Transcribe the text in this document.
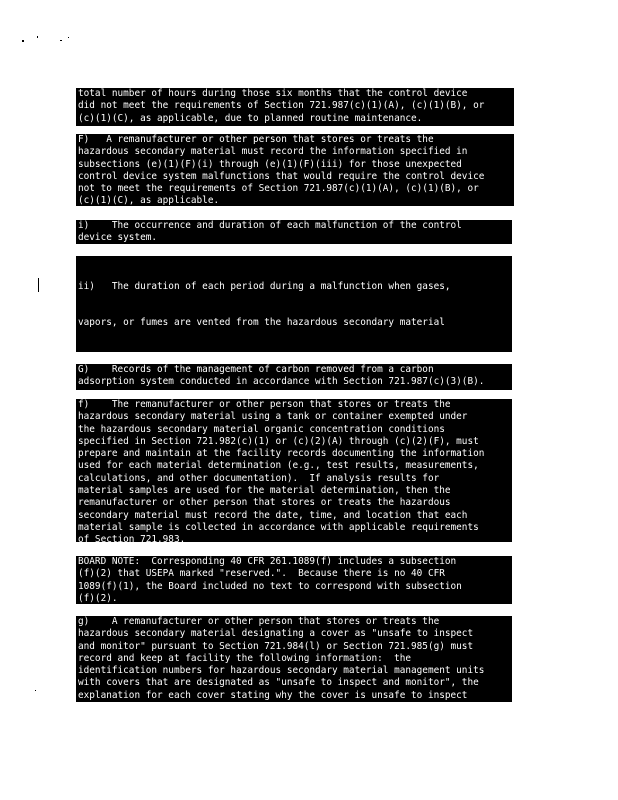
total number of hours during those six months that the control device
did not meet the requirements of Section 721.987(c)(1)(A), (c)(1)(B), or
(c)(1)(C), as applicable, due to planned routine maintenance.
F)   A remanufacturer or other person that stores or treats the
hazardous secondary material must record the information specified in
subsections (e)(1)(F)(i) through (e)(1)(F)(iii) for those unexpected
control device system malfunctions that would require the control device
not to meet the requirements of Section 721.987(c)(1)(A), (c)(1)(B), or
(c)(1)(C), as applicable.
i)    The occurrence and duration of each malfunction of the control
device system.

ii)   The duration of each period during a malfunction when gases,

vapors, or fumes are vented from the hazardous secondary material

G)    Records of the management of carbon removed from a carbon
adsorption system conducted in accordance with Section 721.987(c)(3)(B).
f)    The remanufacturer or other person that stores or treats the
hazardous secondary material using a tank or container exempted under
the hazardous secondary material organic concentration conditions
specified in Section 721.982(c)(1) or (c)(2)(A) through (c)(2)(F), must
prepare and maintain at the facility records documenting the information
used for each material determination (e.g., test results, measurements,
calculations, and other documentation).  If analysis results for
material samples are used for the material determination, then the
remanufacturer or other person that stores or treats the hazardous
secondary material must record the date, time, and location that each
material sample is collected in accordance with applicable requirements
of Section 721.983.
BOARD NOTE:  Corresponding 40 CFR 261.1089(f) includes a subsection
(f)(2) that USEPA marked "reserved.".  Because there is no 40 CFR
1089(f)(1), the Board included no text to correspond with subsection
(f)(2).
g)    A remanufacturer or other person that stores or treats the
hazardous secondary material designating a cover as "unsafe to inspect
and monitor" pursuant to Section 721.984(l) or Section 721.985(g) must
record and keep at facility the following information:  the
identification numbers for hazardous secondary material management units
with covers that are designated as "unsafe to inspect and monitor", the
explanation for each cover stating why the cover is unsafe to inspect
